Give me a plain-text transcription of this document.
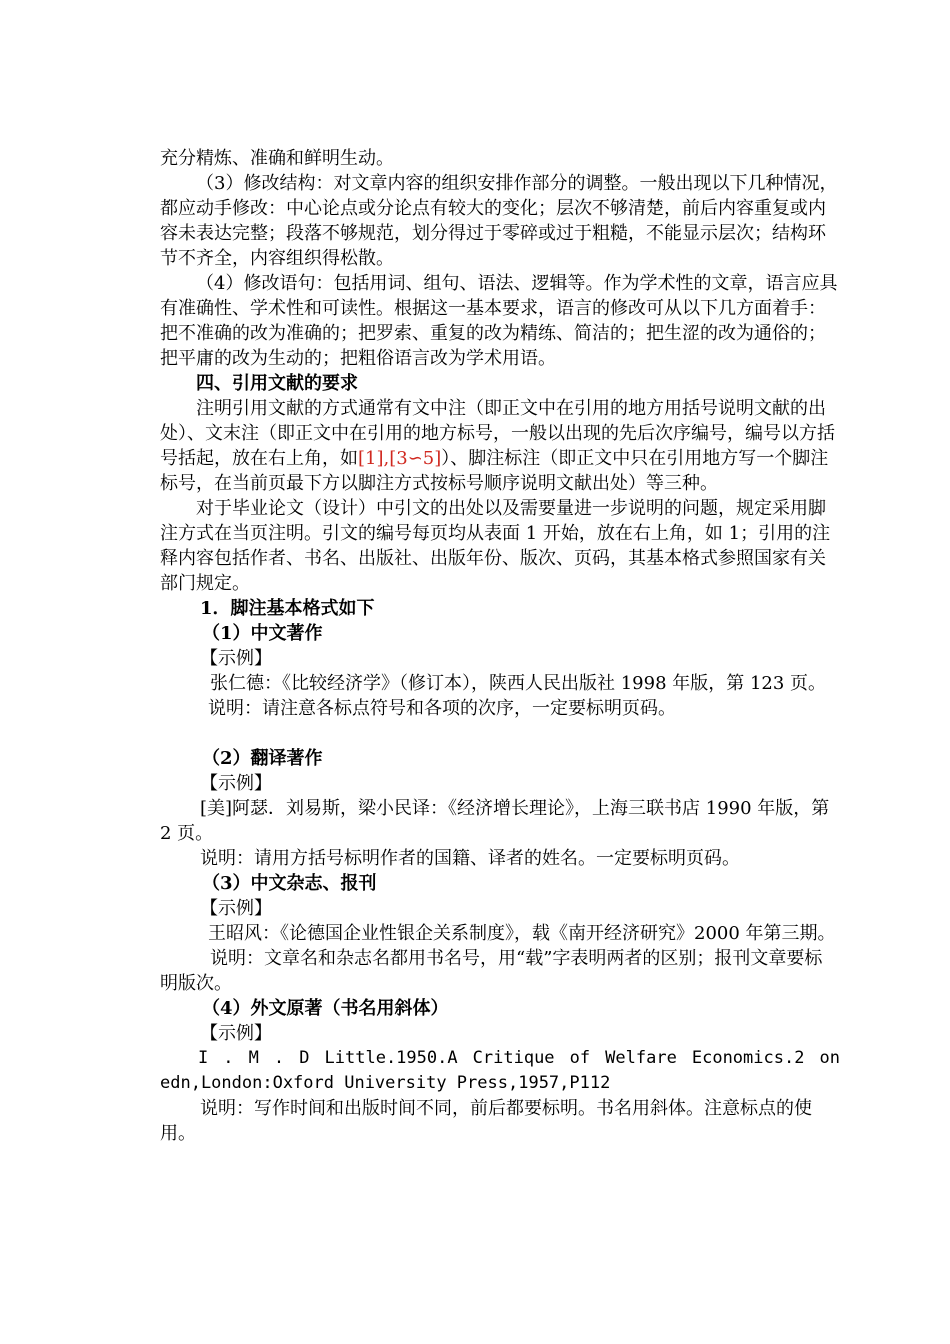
充分精炼、准确和鲜明生动。

（3）修改结构：对文章内容的组织安排作部分的调整。一般出现以下几种情况，都应动手修改：中心论点或分论点有较大的变化；层次不够清楚，前后内容重复或内容未表达完整；段落不够规范，划分得过于零碎或过于粗糙，不能显示层次；结构环节不齐全，内容组织得松散。

（4）修改语句：包括用词、组句、语法、逻辑等。作为学术性的文章，语言应具有准确性、学术性和可读性。根据这一基本要求，语言的修改可从以下几方面着手：把不准确的改为准确的；把罗索、重复的改为精练、简洁的；把生涩的改为通俗的；把平庸的改为生动的；把粗俗语言改为学术用语。

四、引用文献的要求

注明引用文献的方式通常有文中注（即正文中在引用的地方用括号说明文献的出处）、文末注（即正文中在引用的地方标号，一般以出现的先后次序编号，编号以方括号括起，放在右上角，如[1],[3∽5]）、脚注标注（即正文中只在引用地方写一个脚注标号，在当前页最下方以脚注方式按标号顺序说明文献出处）等三种。

对于毕业论文（设计）中引文的出处以及需要量进一步说明的问题，规定采用脚注方式在当页注明。引文的编号每页均从表面 1 开始，放在右上角，如 1；引用的注释内容包括作者、书名、出版社、出版年份、版次、页码，其基本格式参照国家有关部门规定。

1．脚注基本格式如下

（1）中文著作

【示例】

张仁德：《比较经济学》（修订本），陕西人民出版社 1998 年版，第 123 页。

说明：请注意各标点符号和各项的次序，一定要标明页码。

（2）翻译著作

【示例】

[美]阿瑟．刘易斯，梁小民译：《经济增长理论》，上海三联书店 1990 年版，第 2 页。

说明：请用方括号标明作者的国籍、译者的姓名。一定要标明页码。

（3）中文杂志、报刊

【示例】

王昭风：《论德国企业性银企关系制度》，载《南开经济研究》2000 年第三期。

说明：文章名和杂志名都用书名号，用“载”字表明两者的区别；报刊文章要标明版次。

（4）外文原著（书名用斜体）

【示例】

I . M . D Little.1950.A Critique of Welfare Economics.2 on

edn,London:Oxford University Press,1957,P112

说明：写作时间和出版时间不同，前后都要标明。书名用斜体。注意标点的使用。
